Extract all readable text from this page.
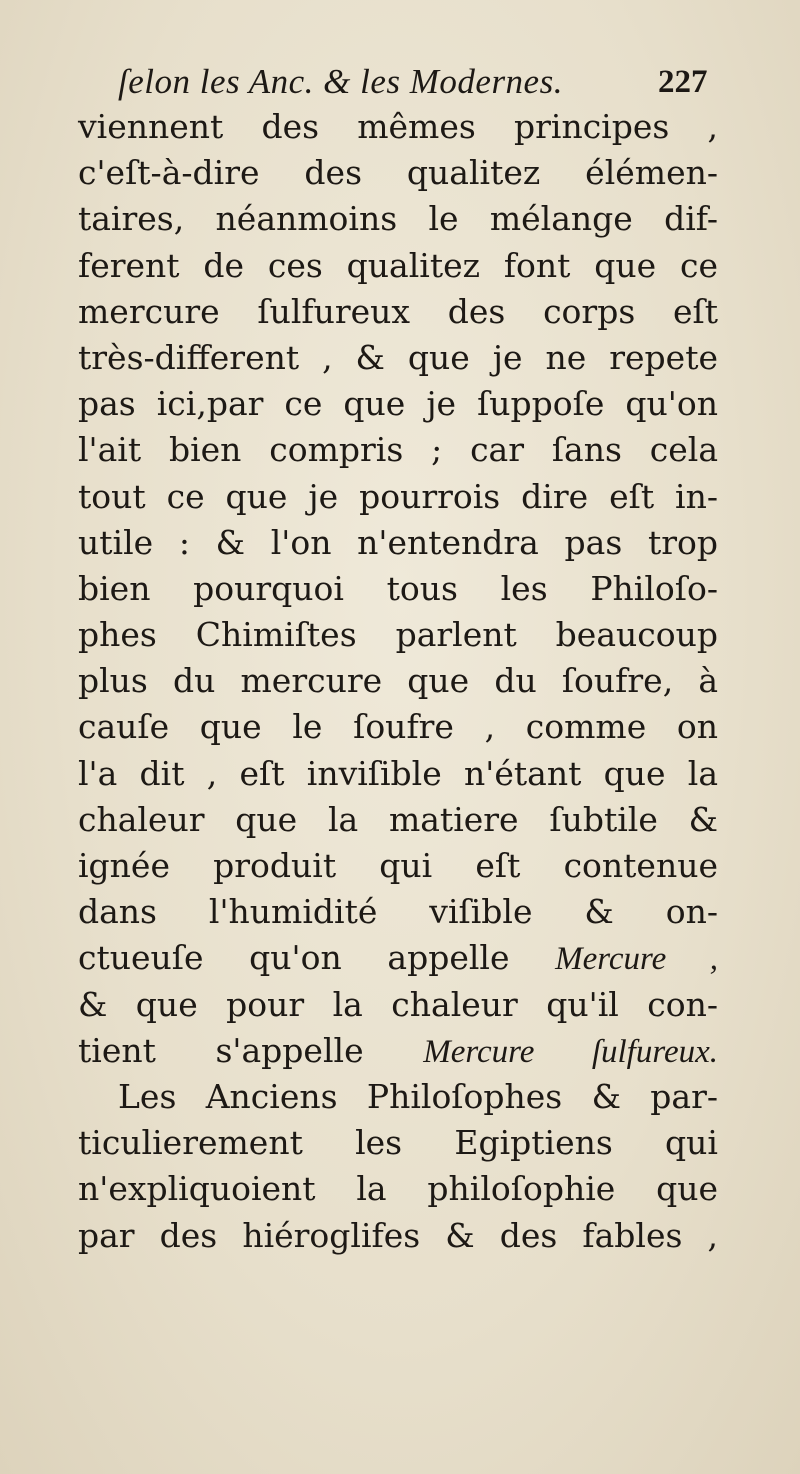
ſelon les Anc. & les Modernes.	227
viennent des mêmes principes ,
c'eſt-à-dire des qualitez élémen-
taires, néanmoins le mélange dif-
ferent de ces qualitez font que ce
mercure ſulfureux des corps eſt
très-different , & que je ne repete
pas ici,par ce que je ſuppoſe qu'on
l'ait bien compris ; car ſans cela
tout ce que je pourrois dire eſt in-
utile : & l'on n'entendra pas trop
bien pourquoi tous les Philoſo-
phes Chimiſtes parlent beaucoup
plus du mercure que du ſoufre, à
cauſe que le ſoufre , comme on
l'a dit , eſt inviſible n'étant que la
chaleur que la matiere ſubtile &
ignée produit qui eſt contenue
dans l'humidité viſible & on-
ctueuſe qu'on appelle Mercure ,
& que pour la chaleur qu'il con-
tient s'appelle Mercure ſulfureux.
Les Anciens Philoſophes & par-
ticulierement les Egiptiens qui
n'expliquoient la philoſophie que
par des hiéroglifes & des fables ,
